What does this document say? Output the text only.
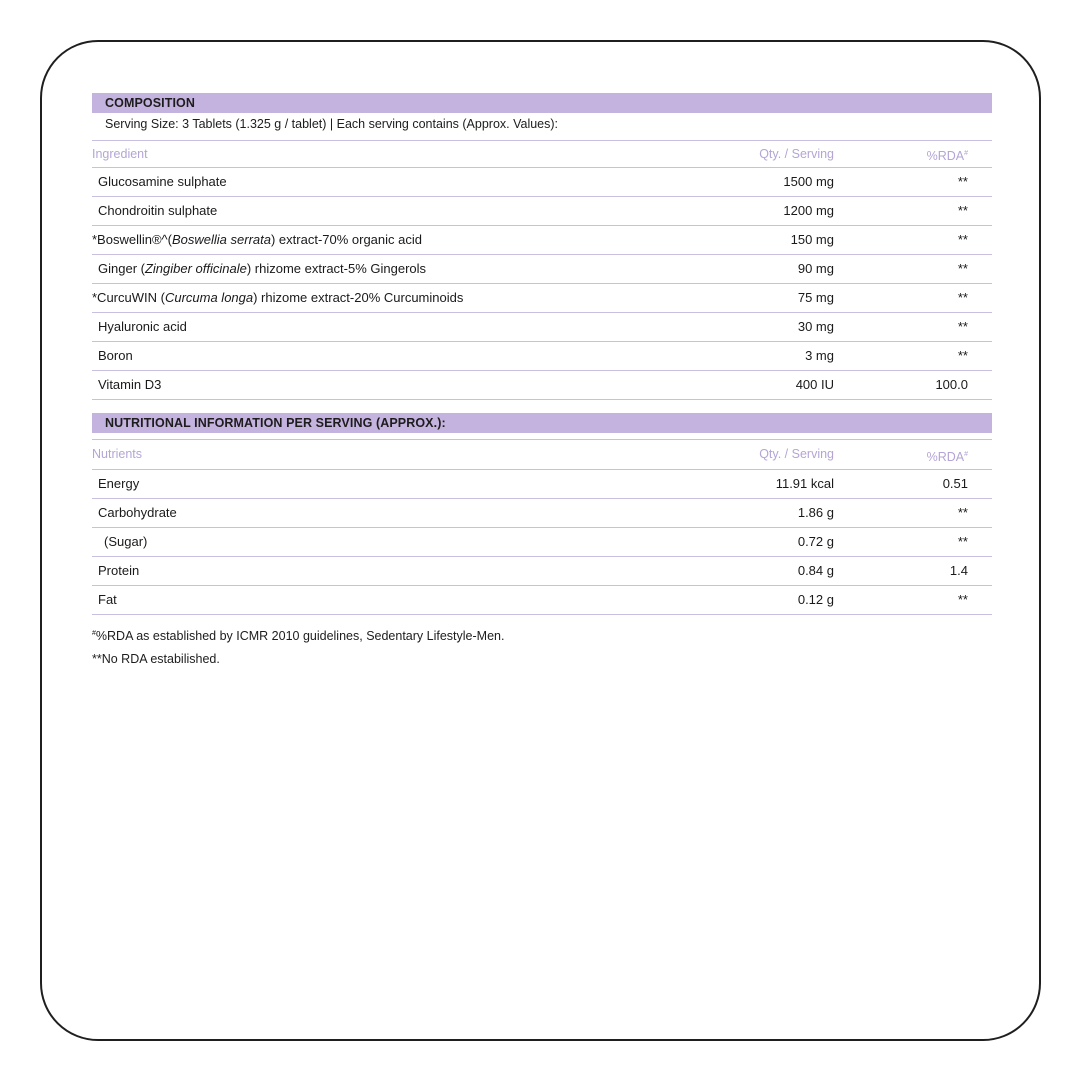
COMPOSITION
Serving Size: 3 Tablets (1.325 g / tablet) | Each serving contains (Approx. Values):
Ingredient	Qty. / Serving	%RDA#
Glucosamine sulphate	1500 mg	**
Chondroitin sulphate	1200 mg	**
*Boswellin®^(Boswellia serrata) extract-70% organic acid	150 mg	**
Ginger (Zingiber officinale) rhizome extract-5% Gingerols	90 mg	**
*CurcuWIN (Curcuma longa) rhizome extract-20% Curcuminoids	75 mg	**
Hyaluronic acid	30 mg	**
Boron	3 mg	**
Vitamin D3	400 IU	100.0
NUTRITIONAL INFORMATION PER SERVING (APPROX.):
Nutrients	Qty. / Serving	%RDA#
Energy	11.91 kcal	0.51
Carbohydrate	1.86 g	**
(Sugar)	0.72 g	**
Protein	0.84 g	1.4
Fat	0.12 g	**
#%RDA as established by ICMR 2010 guidelines, Sedentary Lifestyle-Men.
**No RDA estabilished.
